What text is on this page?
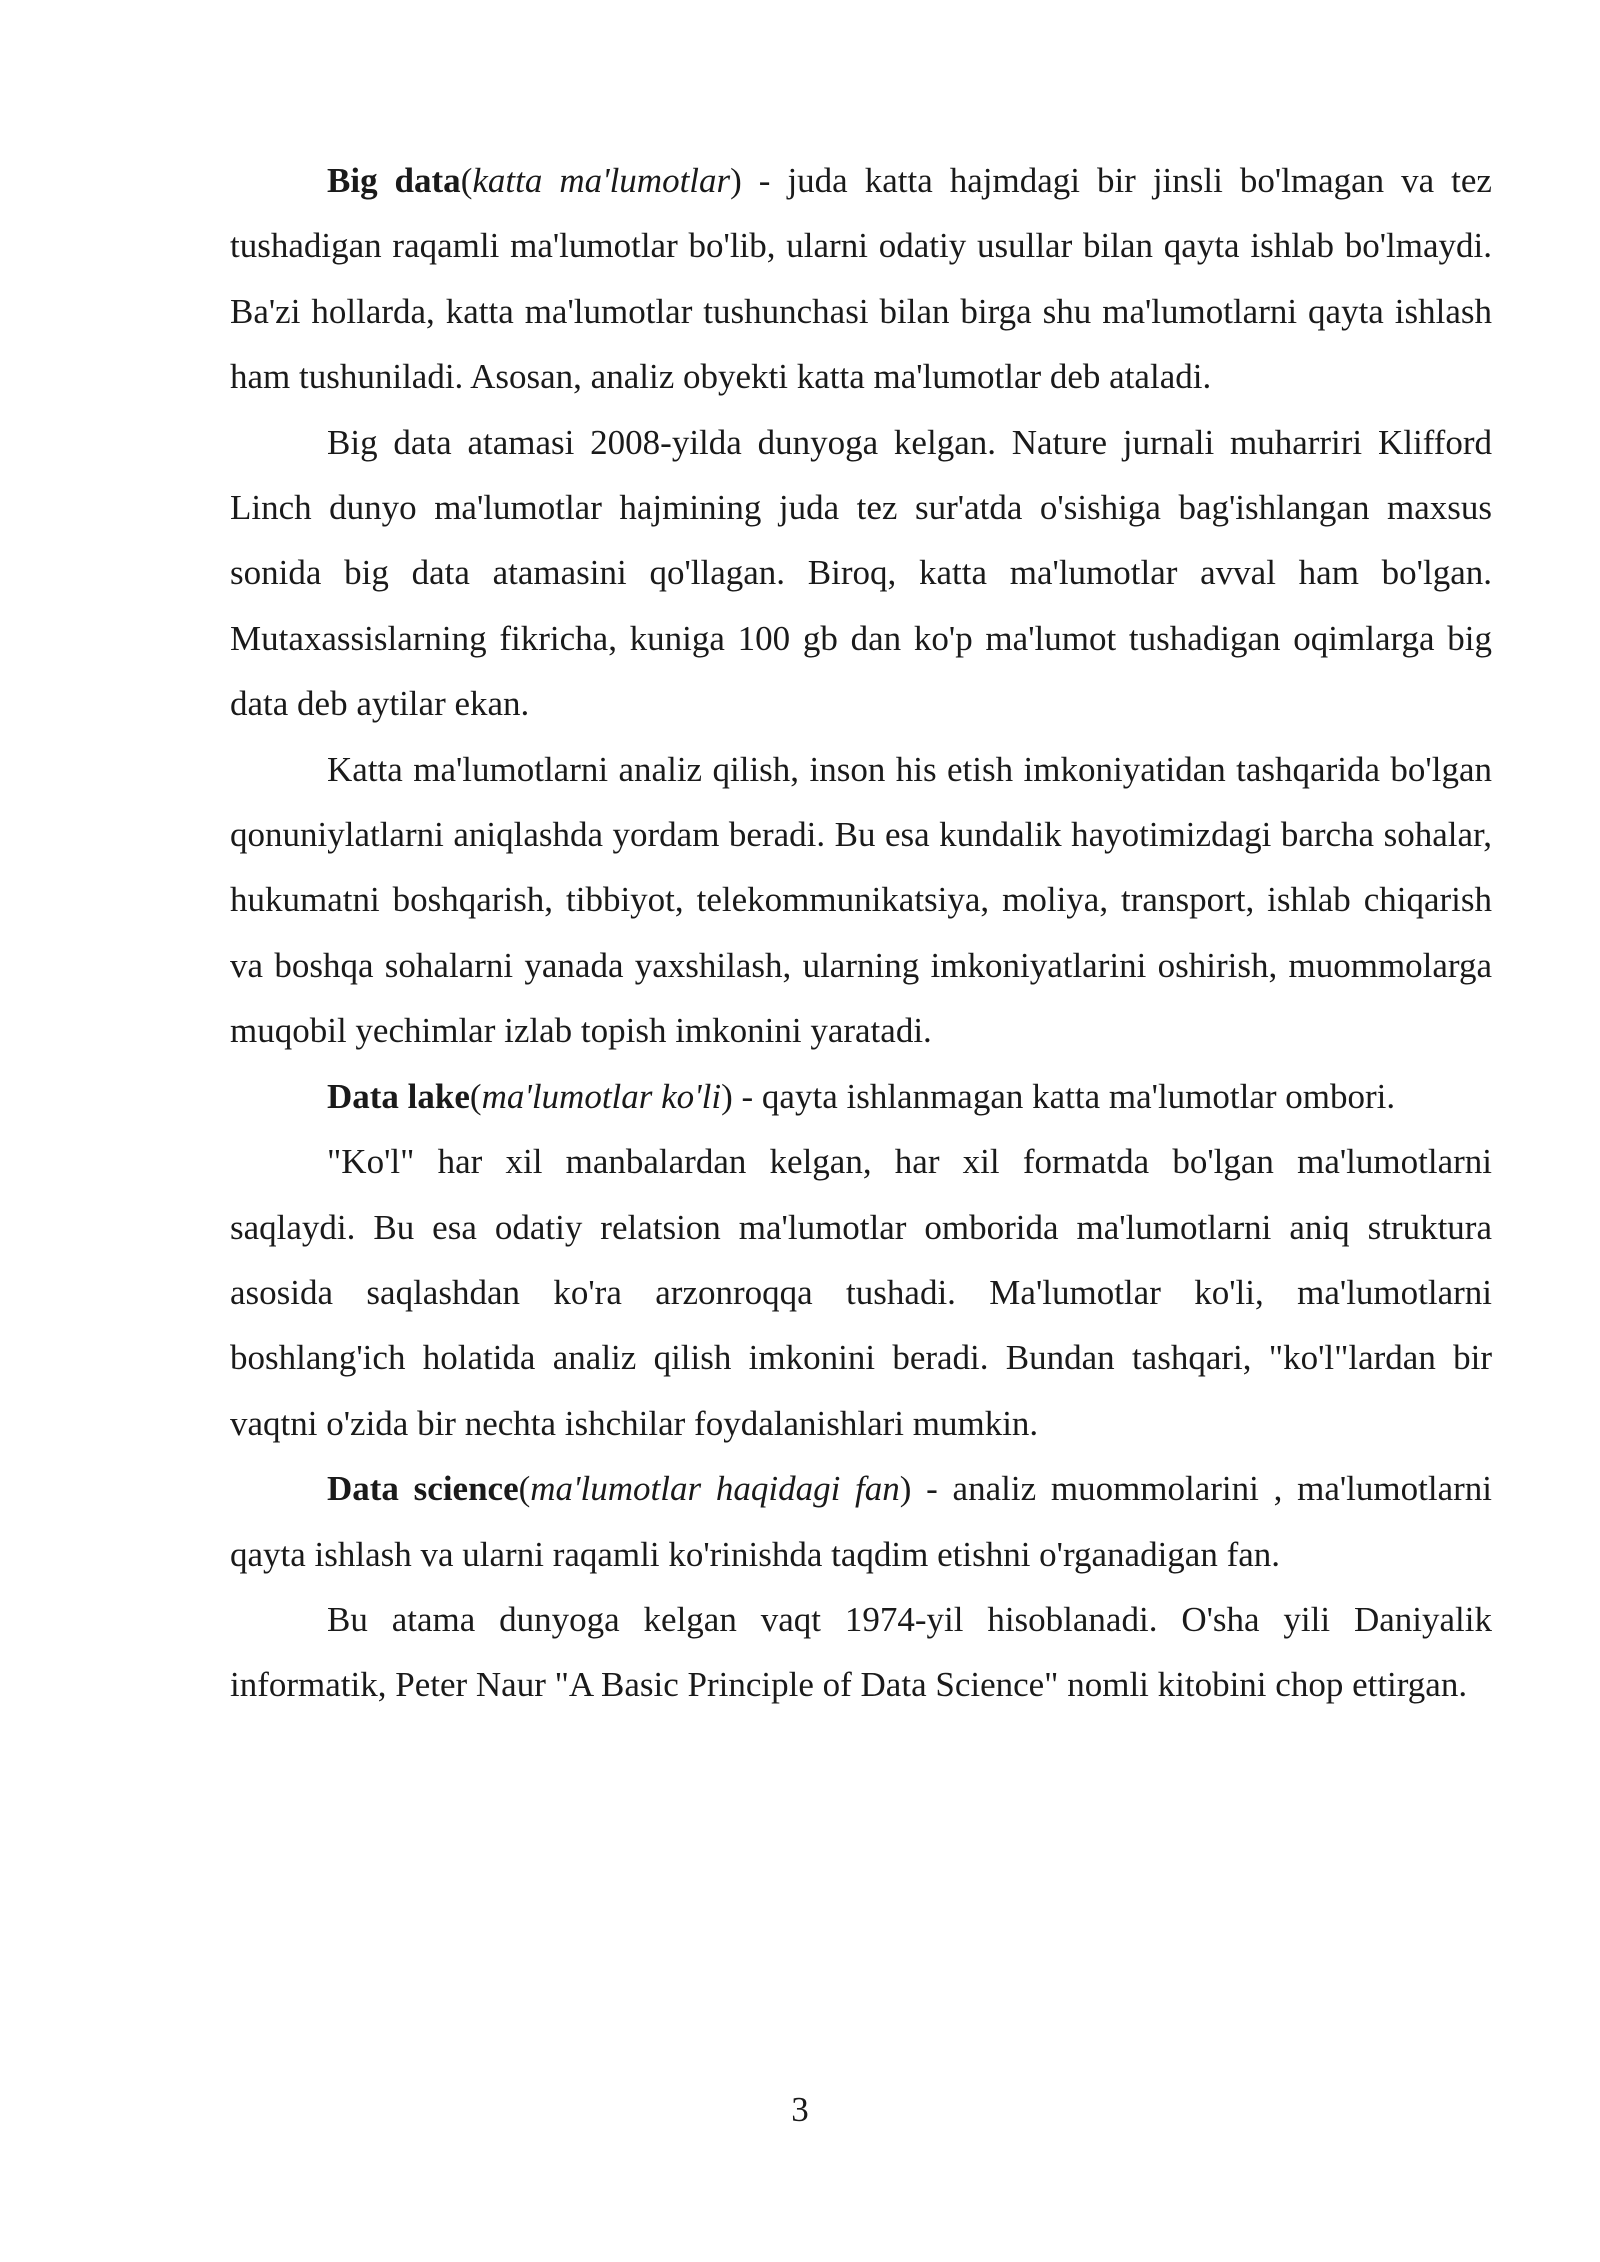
Big data(katta ma'lumotlar) - juda katta hajmdagi bir jinsli bo'lmagan va tez tushadigan raqamli ma'lumotlar bo'lib, ularni odatiy usullar bilan qayta ishlab bo'lmaydi. Ba'zi hollarda, katta ma'lumotlar tushunchasi bilan birga shu ma'lumotlarni qayta ishlash ham tushuniladi. Asosan, analiz obyekti katta ma'lumotlar deb ataladi.

Big data atamasi 2008-yilda dunyoga kelgan. Nature jurnali muharriri Klifford Linch dunyo ma'lumotlar hajmining juda tez sur'atda o'sishiga bag'ishlangan maxsus sonida big data atamasini qo'llagan. Biroq, katta ma'lumotlar avval ham bo'lgan. Mutaxassislarning fikricha, kuniga 100 gb dan ko'p ma'lumot tushadigan oqimlarga big data deb aytilar ekan.

Katta ma'lumotlarni analiz qilish, inson his etish imkoniyatidan tashqarida bo'lgan qonuniylatlarni aniqlashda yordam beradi. Bu esa kundalik hayotimizdagi barcha sohalar, hukumatni boshqarish, tibbiyot, telekommunikatsiya, moliya, transport, ishlab chiqarish va boshqa sohalarni yanada yaxshilash, ularning imkoniyatlarini oshirish, muommolarga muqobil yechimlar izlab topish imkonini yaratadi.

Data lake(ma'lumotlar ko'li) - qayta ishlanmagan katta ma'lumotlar ombori.

"Ko'l" har xil manbalardan kelgan, har xil formatda bo'lgan ma'lumotlarni saqlaydi. Bu esa odatiy relatsion ma'lumotlar omborida ma'lumotlarni aniq struktura asosida saqlashdan ko'ra arzonroqqa tushadi. Ma'lumotlar ko'li, ma'lumotlarni boshlang'ich holatida analiz qilish imkonini beradi. Bundan tashqari, "ko'l"lardan bir vaqtni o'zida bir nechta ishchilar foydalanishlari mumkin.

Data science(ma'lumotlar haqidagi fan) - analiz muommolarini , ma'lumotlarni qayta ishlash va ularni raqamli ko'rinishda taqdim etishni o'rganadigan fan.

Bu atama dunyoga kelgan vaqt 1974-yil hisoblanadi. O'sha yili Daniyalik informatik, Peter Naur "A Basic Principle of Data Science" nomli kitobini chop ettirgan.

3
